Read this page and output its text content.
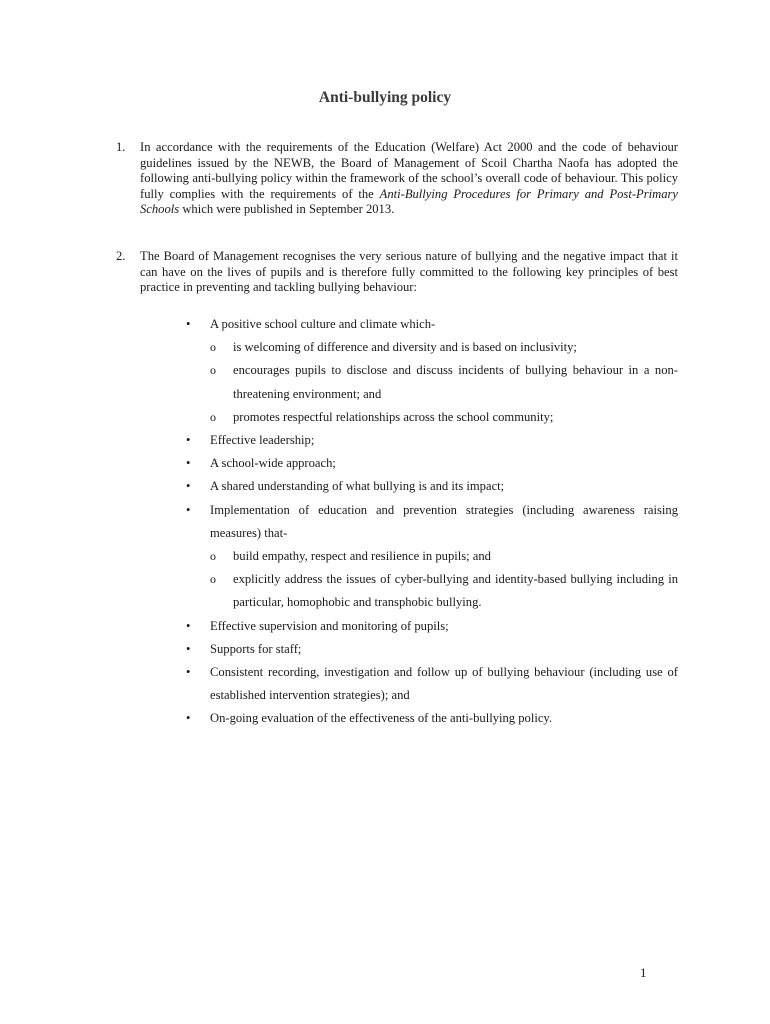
Anti-bullying policy
1. In accordance with the requirements of the Education (Welfare) Act 2000 and the code of behaviour guidelines issued by the NEWB, the Board of Management of Scoil Chartha Naofa has adopted the following anti-bullying policy within the framework of the school’s overall code of behaviour. This policy fully complies with the requirements of the Anti-Bullying Procedures for Primary and Post-Primary Schools which were published in September 2013.
2. The Board of Management recognises the very serious nature of bullying and the negative impact that it can have on the lives of pupils and is therefore fully committed to the following key principles of best practice in preventing and tackling bullying behaviour:
• A positive school culture and climate which-
o is welcoming of difference and diversity and is based on inclusivity;
o encourages pupils to disclose and discuss incidents of bullying behaviour in a non-threatening environment; and
o promotes respectful relationships across the school community;
• Effective leadership;
• A school-wide approach;
• A shared understanding of what bullying is and its impact;
• Implementation of education and prevention strategies (including awareness raising measures) that-
o build empathy, respect and resilience in pupils; and
o explicitly address the issues of cyber-bullying and identity-based bullying including in particular, homophobic and transphobic bullying.
• Effective supervision and monitoring of pupils;
• Supports for staff;
• Consistent recording, investigation and follow up of bullying behaviour (including use of established intervention strategies); and
• On-going evaluation of the effectiveness of the anti-bullying policy.
1
